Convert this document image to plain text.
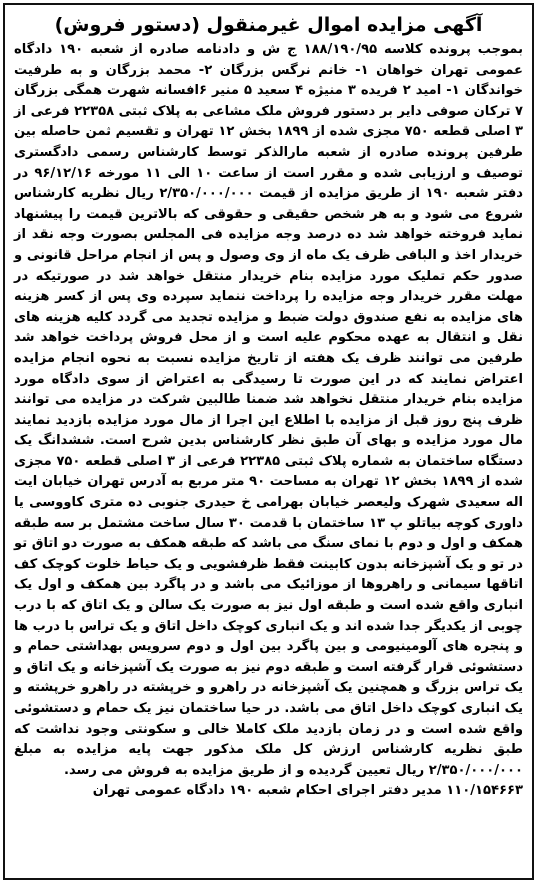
آگهی مزایده اموال غیرمنقول (دستور فروش)

بموجب پرونده کلاسه ۱۸۸/۱۹۰/۹۵ ج ش و دادنامه صادره از شعبه ۱۹۰ دادگاه عمومی تهران خواهان ۱- خانم نرگس بزرگان ۲- محمد بزرگان و به طرفیت خواندگان ۱- امید ۲ فریده ۳ منیژه ۴ سعید ۵ منیر ۶افسانه شهرت همگی بزرگان ۷ ترکان صوفی دایر بر دستور فروش ملک مشاعی به پلاک ثبتی ۲۲۳۵۸ فرعی از ۳ اصلی قطعه ۷۵۰ مجزی شده از ۱۸۹۹ بخش ۱۲ تهران و تقسیم ثمن حاصله بین طرفین پرونده صادره از شعبه مارالذکر توسط کارشناس رسمی دادگستری توصیف و ارزیابی شده و مقرر است از ساعت ۱۰ الی ۱۱ مورخه ۹۶/۱۲/۱۶ در دفتر شعبه ۱۹۰ از طریق مزایده از قیمت ۲/۳۵۰/۰۰۰/۰۰۰ ریال نظریه کارشناس شروع می شود و به هر شخص حقیقی و حقوقی که بالاترین قیمت را پیشنهاد نماید فروخته خواهد شد ده درصد وجه مزایده فی المجلس بصورت وجه نقد از خریدار اخذ و البافی ظرف یک ماه از وی وصول و پس از انجام مراحل قانونی و صدور حکم تملیک مورد مزایده بنام خریدار منتقل خواهد شد در صورتیکه در مهلت مقرر خریدار وجه مزایده را پرداخت ننماید سپرده وی پس از کسر هزینه های مزایده به نفع صندوق دولت ضبط و مزایده تجدید می گردد کلیه هزینه های نقل و انتقال به عهده محکوم علیه است و از محل فروش پرداخت خواهد شد طرفین می توانند ظرف یک هفته از تاریخ مزایده نسبت به نحوه انجام مزایده اعتراض نمایند که در این صورت تا رسیدگی به اعتراض از سوی دادگاه مورد مزایده بنام خریدار منتقل نخواهد شد ضمنا طالبین شرکت در مزایده می توانند ظرف پنج روز قبل از مزایده با اطلاع این اجرا از مال مورد مزایده بازدید نمایند مال مورد مزایده و بهای آن طبق نظر کارشناس بدین شرح است. ششدانگ یک دستگاه ساختمان به شماره پلاک ثبتی ۲۲۳۸۵ فرعی از ۳ اصلی قطعه ۷۵۰ مجزی شده از ۱۸۹۹ بخش ۱۲ تهران به مساحت ۹۰ متر مربع به آدرس تهران خیابان ایت اله سعیدی شهرک ولیعصر خیابان بهرامی خ حیدری جنوبی ده متری کاووسی یا داوری کوچه بیاتلو پ ۱۳ ساختمان با قدمت ۳۰ سال ساخت مشتمل بر سه طبقه همکف و اول و دوم با نمای سنگ می باشد که طبقه همکف به صورت دو اتاق تو در تو و یک آشپزخانه بدون کابینت فقط ظرفشویی و یک حیاط خلوت کوچک کف اتاقها سیمانی و راهروها از موزائیک می باشد و در پاگرد بین همکف و اول یک انباری واقع شده است و طبقه اول نیز به صورت یک سالن و یک اتاق که با درب چوبی از یکدیگر جدا شده اند و یک انباری کوچک داخل اتاق و یک تراس با درب ها و پنجره های آلومینیومی و بین پاگرد بین اول و دوم سرویس بهداشتی حمام و دستشوئی قرار گرفته است و طبقه دوم نیز به صورت یک آشپزخانه و یک اتاق و یک تراس بزرگ و همچنین یک آشپزخانه در راهرو و خرپشته در راهرو خرپشته و یک انباری کوچک داخل اتاق می باشد. در حیا ساختمان نیز یک حمام و دستشوئی واقع شده است و در زمان بازدید ملک کاملا خالی و سکونتی وجود نداشت که طبق نظریه کارشناس ارزش کل ملک مذکور جهت پایه مزایده به مبلغ ۲/۳۵۰/۰۰۰/۰۰۰ ریال تعیین گردیده و از طریق مزایده به فروش می رسد.

۱۱۰/۱۵۴۶۶۳ مدیر دفتر اجرای احکام شعبه ۱۹۰ دادگاه عمومی تهران
